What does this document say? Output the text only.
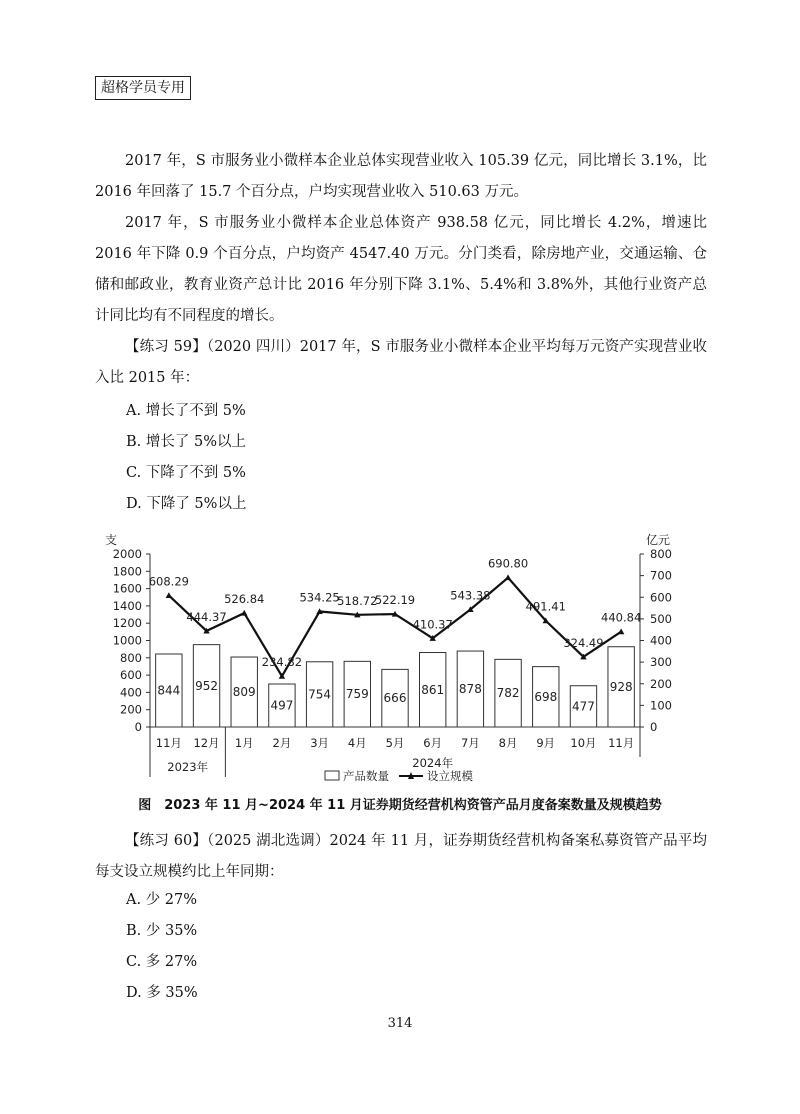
超格学员专用

2017 年，S 市服务业小微样本企业总体实现营业收入 105.39 亿元，同比增长 3.1%，比 2016 年回落了 15.7 个百分点，户均实现营业收入 510.63 万元。

2017 年，S 市服务业小微样本企业总体资产 938.58 亿元，同比增长 4.2%，增速比 2016 年下降 0.9 个百分点，户均资产 4547.40 万元。分门类看，除房地产业，交通运输、仓储和邮政业，教育业资产总计比 2016 年分别下降 3.1%、5.4%和 3.8%外，其他行业资产总计同比均有不同程度的增长。

【练习 59】（2020 四川）2017 年，S 市服务业小微样本企业平均每万元资产实现营业收入比 2015 年：

A. 增长了不到 5%
B. 增长了 5%以上
C. 下降了不到 5%
D. 下降了 5%以上
0
200
400
600
800
1000
1200
1400
1600
1800
2000
0
100
200
300
400
500
600
700
800
支	亿元
844 952 809
497
754 759 666
861 878 782 698
477
928
608.29
444.37
526.84
234.82
534.25
518.72
522.19
410.37
543.38
690.80
491.41
324.49
440.84
11月 12月 1月 2月 3月 4月 5月 6月 7月 8月 9月 10月 11月
2023年	2024年
产品数量	设立规模
图　2023 年 11 月~2024 年 11 月证券期货经营机构资管产品月度备案数量及规模趋势

【练习 60】（2025 湖北选调）2024 年 11 月，证券期货经营机构备案私募资管产品平均每支设立规模约比上年同期：

A. 少 27%
B. 少 35%
C. 多 27%
D. 多 35%
314
